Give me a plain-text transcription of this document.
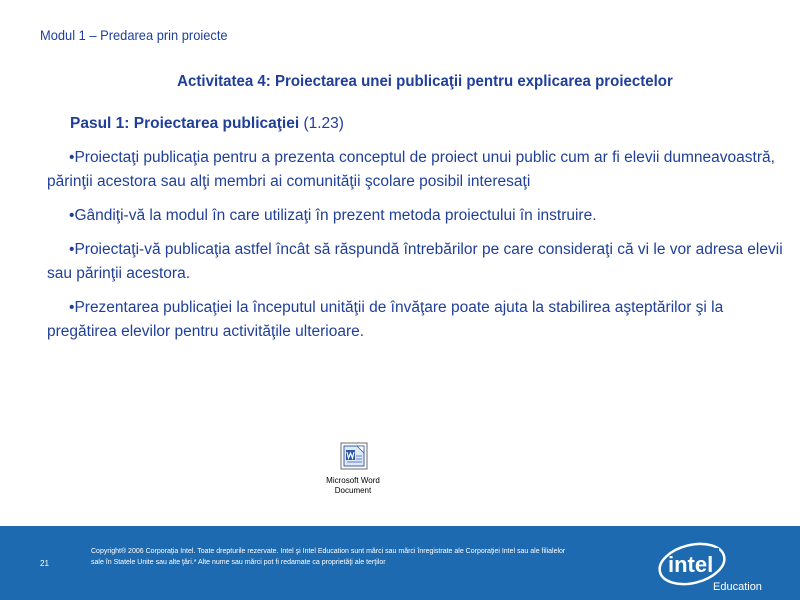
Modul 1 – Predarea prin proiecte
Activitatea 4: Proiectarea unei publicaţii pentru explicarea proiectelor

Pasul 1: Proiectarea publicaţiei (1.23)

•Proiectaţi publicaţia pentru a prezenta conceptul de proiect unui public cum ar fi elevii dumneavoastră, părinţii acestora sau alţi membri ai comunităţii şcolare posibil interesaţi

•Gândiţi-vă la modul în care utilizaţi în prezent metoda proiectului în instruire.

•Proiectaţi-vă publicaţia astfel încât să răspundă întrebărilor pe care consideraţi că vi le vor adresa elevii sau părinţii acestora.

•Prezentarea publicaţiei la începutul unităţii de învăţare poate ajuta la stabilirea aşteptărilor şi la pregătirea elevilor pentru activităţile ulterioare.

Microsoft Word
Document
21
Copyright® 2006 Corporaţia Intel. Toate drepturile rezervate. Intel şi Intel Education sunt mărci sau mărci înregistrate ale Corporaţiei Intel sau ale filialelor
sale în Statele Unite sau alte ţări.* Alte nume sau mărci pot fi redamate ca proprietăţi ale terţilor	intel
Education
